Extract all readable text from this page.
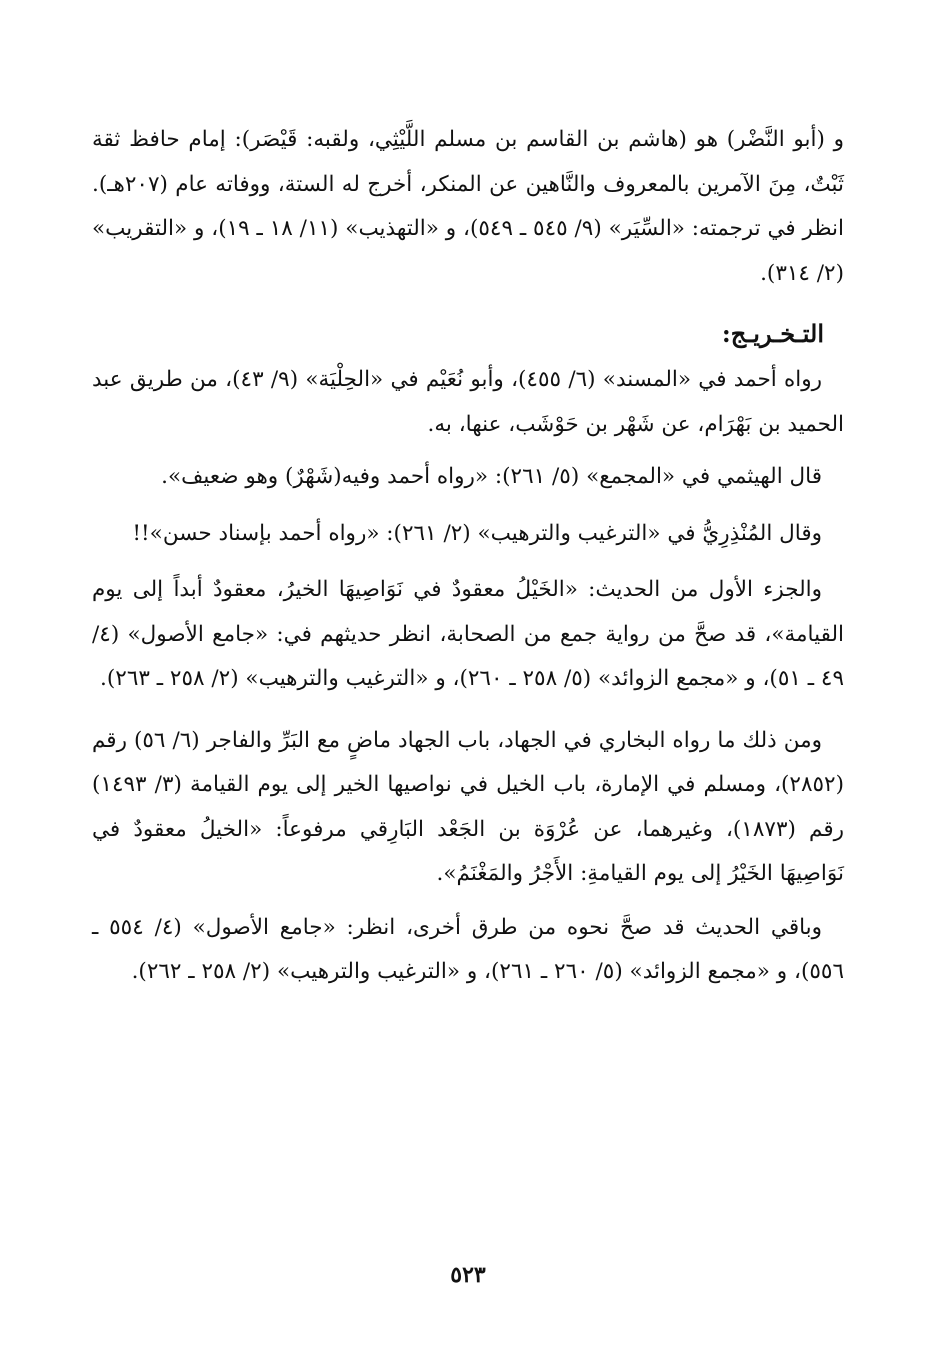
و (أبو النَّضْر) هو (هاشم بن القاسم بن مسلم اللَّيْثِي، ولقبه: قَيْصَر): إمام حافظ ثقة ثَبْتٌ، مِنَ الآمرين بالمعروف والنَّاهين عن المنكر، أخرج له الستة، ووفاته عام (٢٠٧هـ). انظر في ترجمته: «السِّيَر» (٩/ ٥٤٥ ـ ٥٤٩)، و «التهذيب» (١١/ ١٨ ـ ١٩)، و «التقريب» (٢/ ٣١٤).

التـخـريـج:

رواه أحمد في «المسند» (٦/ ٤٥٥)، وأبو نُعَيْم في «الحِلْيَة» (٩/ ٤٣)، من طريق عبد الحميد بن بَهْرَام، عن شَهْر بن حَوْشَب، عنها، به.

قال الهيثمي في «المجمع» (٥/ ٢٦١): «رواه أحمد وفيه(شَهْرٌ) وهو ضعيف».

وقال المُنْذِرِيُّ في «الترغيب والترهيب» (٢/ ٢٦١): «رواه أحمد بإسناد حسن»!!

والجزء الأول من الحديث: «الخَيْلُ معقودٌ في نَوَاصِيهَا الخيرُ، معقودٌ أبداً إلى يوم القيامة»، قد صحَّ من رواية جمع من الصحابة، انظر حديثهم في: «جامع الأصول» (٤/ ٤٩ ـ ٥١)، و «مجمع الزوائد» (٥/ ٢٥٨ ـ ٢٦٠)، و «الترغيب والترهيب» (٢/ ٢٥٨ ـ ٢٦٣).

ومن ذلك ما رواه البخاري في الجهاد، باب الجهاد ماضٍ مع البَرِّ والفاجر (٦/ ٥٦) رقم (٢٨٥٢)، ومسلم في الإمارة، باب الخيل في نواصيها الخير إلى يوم القيامة (٣/ ١٤٩٣) رقم (١٨٧٣)، وغيرهما، عن عُرْوَة بن الجَعْد البَارِقي مرفوعاً: «الخيلُ معقودٌ في نَوَاصِيهَا الخَيْرُ إلى يوم القيامةِ: الأَجْرُ والمَغْنَمُ».

وباقي الحديث قد صحَّ نحوه من طرق أخرى، انظر: «جامع الأصول» (٤/ ٥٥٤ ـ ٥٥٦)، و «مجمع الزوائد» (٥/ ٢٦٠ ـ ٢٦١)، و «الترغيب والترهيب» (٢/ ٢٥٨ ـ ٢٦٢).

٥٢٣
